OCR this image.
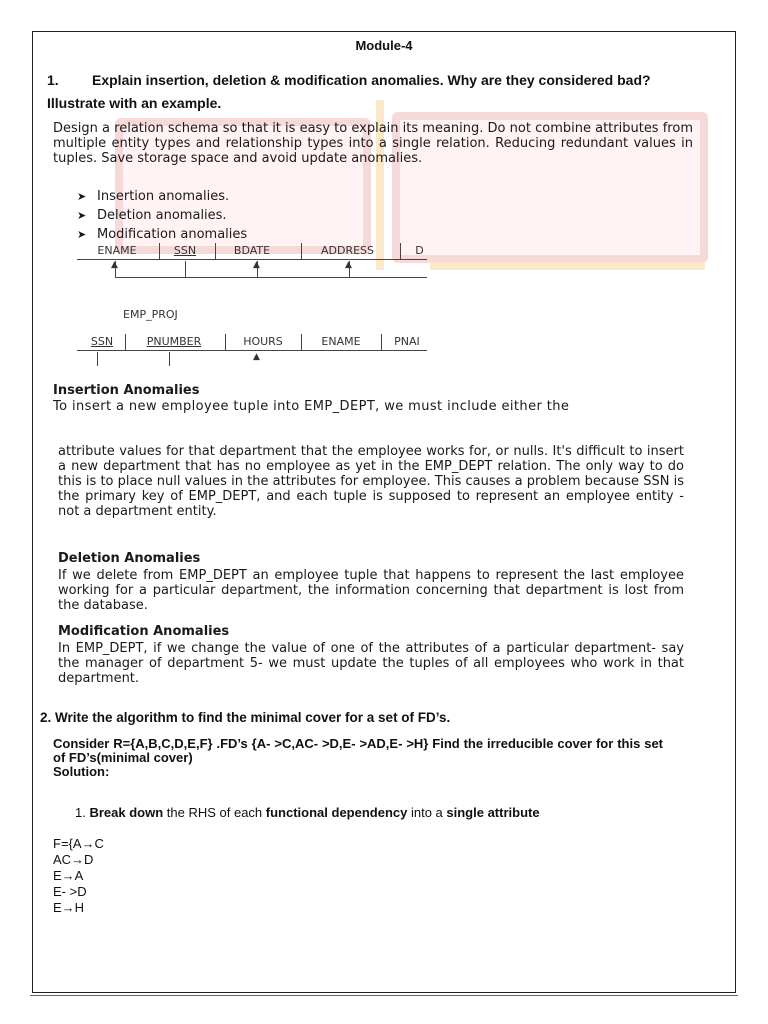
Module-4
1. Explain insertion, deletion & modification anomalies. Why are they considered bad?
Illustrate with an example.
Design a relation schema so that it is easy to explain its meaning. Do not combine attributes from multiple entity types and relationship types into a single relation. Reducing redundant values in tuples. Save storage space and avoid update anomalies.
➤ Insertion anomalies.
➤ Deletion anomalies.
➤ Modification anomalies
ENAME	SSN	BDATE	ADDRESS	D
▲	▲	▲
EMP_PROJ
SSN	PNUMBER	HOURS	ENAME	PNAI
▲
Insertion Anomalies
To insert a new employee tuple into EMP_DEPT, we must include either the
attribute values for that department that the employee works for, or nulls. It's difficult to insert a new department that has no employee as yet in the EMP_DEPT relation. The only way to do this is to place null values in the attributes for employee. This causes a problem because SSN is the primary key of EMP_DEPT, and each tuple is supposed to represent an employee entity - not a department entity.
Deletion Anomalies
If we delete from EMP_DEPT an employee tuple that happens to represent the last employee working for a particular department, the information concerning that department is lost from the database.
Modification Anomalies
In EMP_DEPT, if we change the value of one of the attributes of a particular department- say the manager of department 5- we must update the tuples of all employees who work in that department.
2. Write the algorithm to find the minimal cover for a set of FD’s.
Consider R={A,B,C,D,E,F} .FD’s {A- >C,AC- >D,E- >AD,E- >H} Find the irreducible cover for this set of FD’s(minimal cover)
Solution:
1. Break down the RHS of each functional dependency into a single attribute
F={A→C
AC→D
E→A
E- >D
E→H
